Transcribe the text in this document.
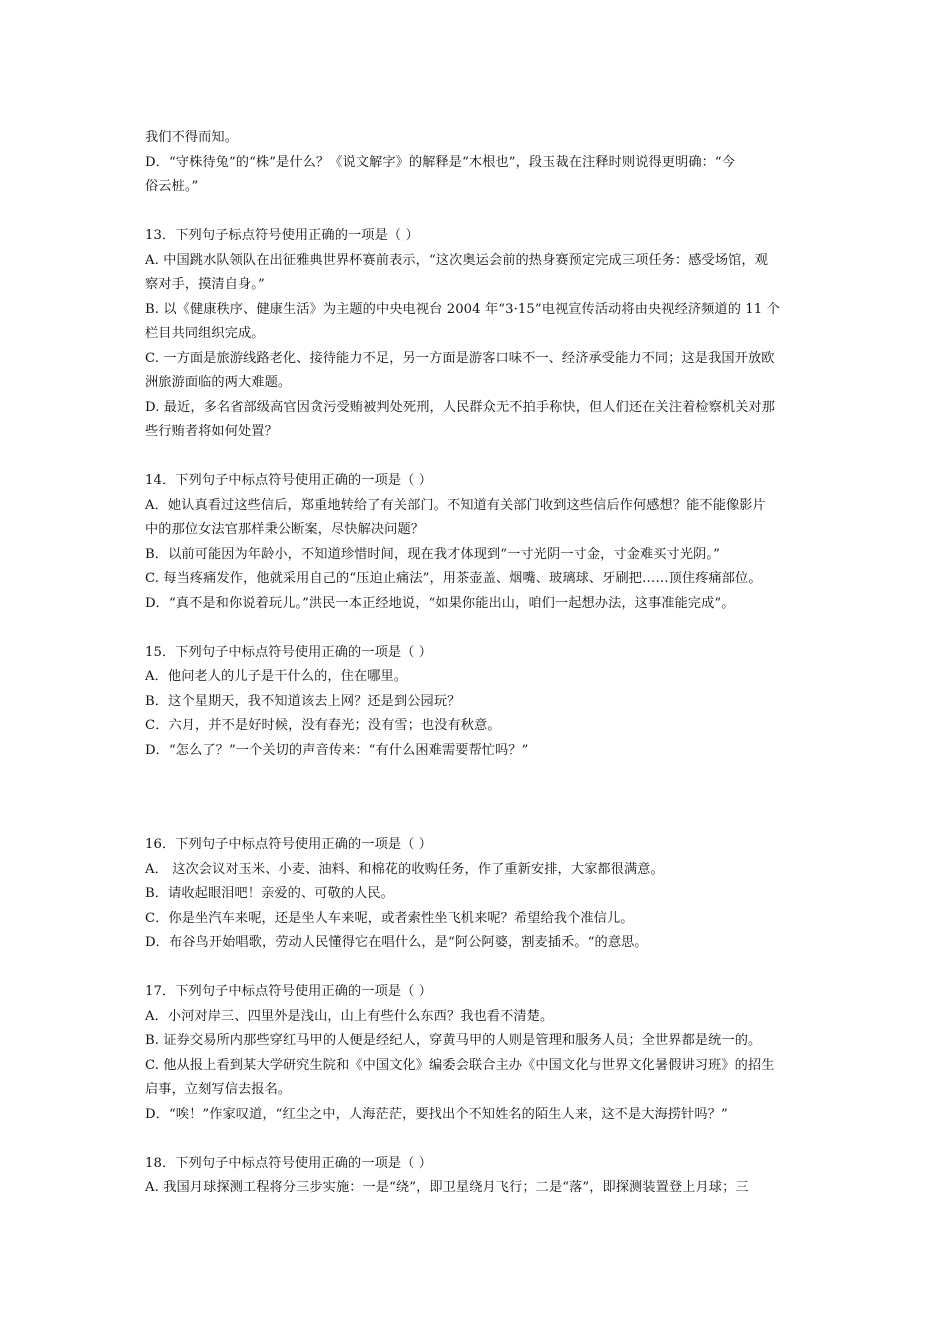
我们不得而知。
D．“守株待兔”的“株”是什么？《说文解字》的解释是“木根也”，段玉裁在注释时则说得更明确：“今
俗云桩。”
13．下列句子标点符号使用正确的一项是（ ）
A. 中国跳水队领队在出征雅典世界杯赛前表示，“这次奥运会前的热身赛预定完成三项任务：感受场馆，观
察对手，摸清自身。”
B. 以《健康秩序、健康生活》为主题的中央电视台 2004 年“3·15”电视宣传活动将由央视经济频道的 11 个
栏目共同组织完成。
C. 一方面是旅游线路老化、接待能力不足，另一方面是游客口味不一、经济承受能力不同；这是我国开放欧
洲旅游面临的两大难题。
D. 最近，多名省部级高官因贪污受贿被判处死刑，人民群众无不拍手称快，但人们还在关注着检察机关对那
些行贿者将如何处置？
14．下列句子中标点符号使用正确的一项是（ ）
A．她认真看过这些信后，郑重地转给了有关部门。不知道有关部门收到这些信后作何感想？能不能像影片
中的那位女法官那样秉公断案，尽快解决问题？
B．以前可能因为年龄小，不知道珍惜时间，现在我才体现到“一寸光阴一寸金，寸金难买寸光阴。”
C. 每当疼痛发作，他就采用自己的“压迫止痛法”，用茶壶盖、烟嘴、玻璃球、牙刷把……顶住疼痛部位。
D．“真不是和你说着玩儿。”洪民一本正经地说，“如果你能出山，咱们一起想办法，这事准能完成”。
15．下列句子中标点符号使用正确的一项是（ ）
A．他问老人的儿子是干什么的，住在哪里。
B．这个星期天，我不知道该去上网？还是到公园玩？
C．六月，并不是好时候，没有春光；没有雪；也没有秋意。
D．“怎么了？”一个关切的声音传来：“有什么困难需要帮忙吗？”
16．下列句子中标点符号使用正确的一项是（ ）
A． 这次会议对玉米、小麦、油料、和棉花的收购任务，作了重新安排，大家都很满意。
B．请收起眼泪吧！亲爱的、可敬的人民。
C．你是坐汽车来呢，还是坐人车来呢，或者索性坐飞机来呢？希望给我个准信儿。
D．布谷鸟开始唱歌，劳动人民懂得它在唱什么，是“阿公阿婆，割麦插禾。“的意思。
17．下列句子中标点符号使用正确的一项是（ ）
A．小河对岸三、四里外是浅山，山上有些什么东西？我也看不清楚。
B. 证券交易所内那些穿红马甲的人便是经纪人，穿黄马甲的人则是管理和服务人员；全世界都是统一的。
C. 他从报上看到某大学研究生院和《中国文化》编委会联合主办《中国文化与世界文化暑假讲习班》的招生
启事，立刻写信去报名。
D．“唉！”作家叹道，“红尘之中，人海茫茫，要找出个不知姓名的陌生人来，这不是大海捞针吗？”
18．下列句子中标点符号使用正确的一项是（ ）
A. 我国月球探测工程将分三步实施：一是“绕”，即卫星绕月飞行；二是“落”，即探测装置登上月球；三
